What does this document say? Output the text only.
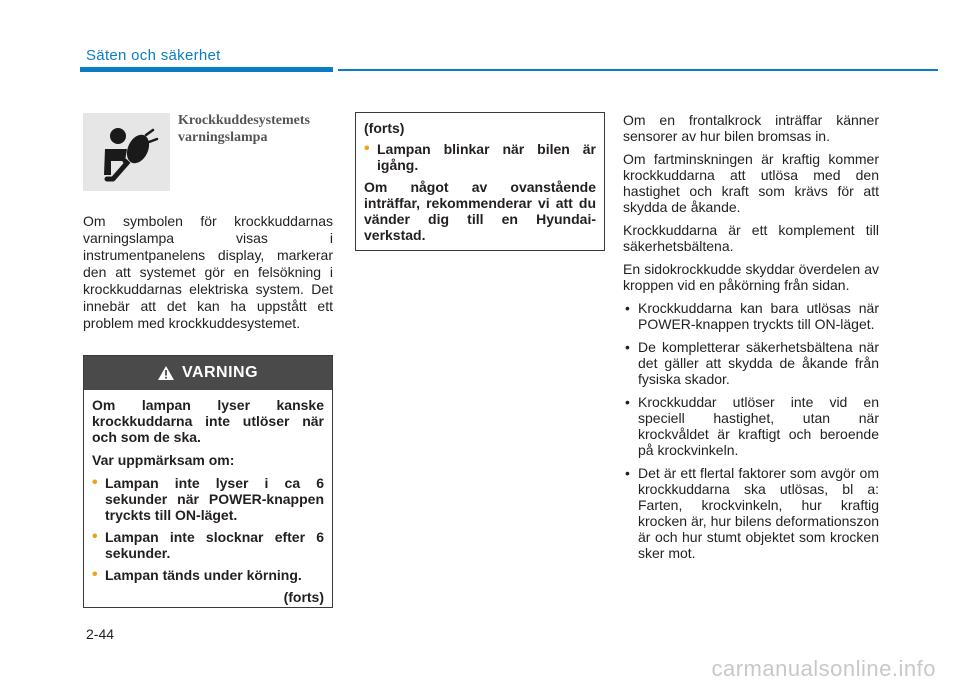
Säten och säkerhet
Krockkuddesystemets varningslampa
Om symbolen för krockkuddarnas varningslampa visas i instrumentpanelens display, markerar den att systemet gör en felsökning i krockkuddarnas elektriska system. Det innebär att det kan ha uppstått ett problem med krockkuddesystemet.
VARNING

Om lampan lyser kanske krockkuddarna inte utlöser när och som de ska.

Var uppmärksam om:

• Lampan inte lyser i ca 6 sekunder när POWER-knappen tryckts till ON-läget.
• Lampan inte slocknar efter 6 sekunder.
• Lampan tänds under körning.
(forts)

(forts)

• Lampan blinkar när bilen är igång.

Om något av ovanstående inträffar, rekommenderar vi att du vänder dig till en Hyundai-verkstad.

Om en frontalkrock inträffar känner sensorer av hur bilen bromsas in.

Om fartminskningen är kraftig kommer krockkuddarna att utlösa med den hastighet och kraft som krävs för att skydda de åkande.

Krockkuddarna är ett komplement till säkerhetsbältena.

En sidokrockkudde skyddar överdelen av kroppen vid en påkörning från sidan.

• Krockkuddarna kan bara utlösas när POWER-knappen tryckts till ON-läget.
• De kompletterar säkerhetsbältena när det gäller att skydda de åkande från fysiska skador.
• Krockkuddar utlöser inte vid en speciell hastighet, utan när krockvåldet är kraftigt och beroende på krockvinkeln.
• Det är ett flertal faktorer som avgör om krockkuddarna ska utlösas, bl a: Farten, krockvinkeln, hur kraftig krocken är, hur bilens deformationszon är och hur stumt objektet som krocken sker mot.
2-44
carmanualsonline.info
